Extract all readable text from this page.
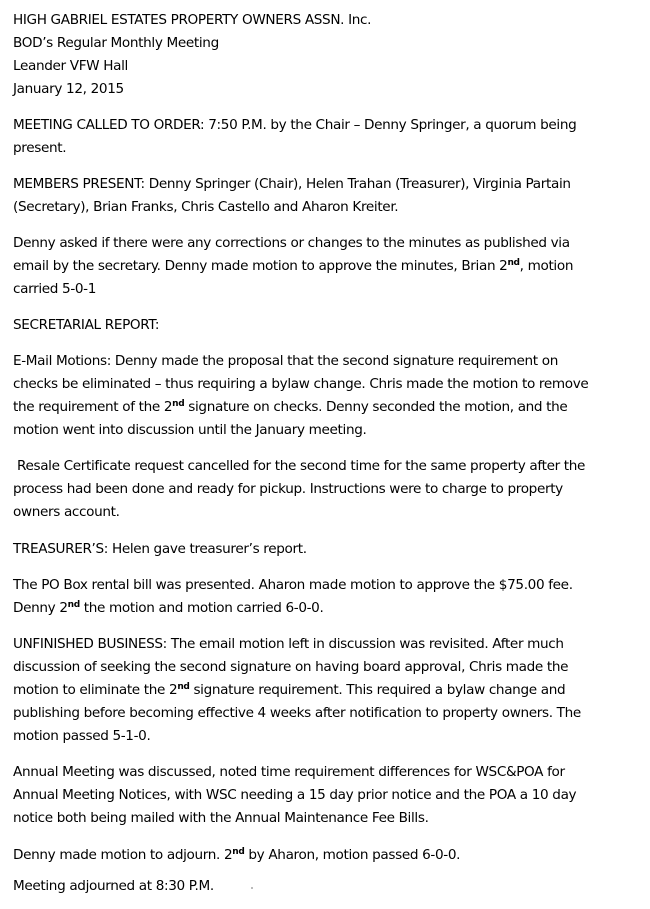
HIGH GABRIEL ESTATES PROPERTY OWNERS ASSN. Inc.
BOD’s Regular Monthly Meeting
Leander VFW Hall
January 12, 2015
MEETING CALLED TO ORDER: 7:50 P.M. by the Chair – Denny Springer, a quorum being
present.
MEMBERS PRESENT: Denny Springer (Chair), Helen Trahan (Treasurer), Virginia Partain
(Secretary), Brian Franks, Chris Castello and Aharon Kreiter.
Denny asked if there were any corrections or changes to the minutes as published via
email by the secretary. Denny made motion to approve the minutes, Brian 2nd, motion
carried 5-0-1
SECRETARIAL REPORT:
E-Mail Motions: Denny made the proposal that the second signature requirement on
checks be eliminated – thus requiring a bylaw change. Chris made the motion to remove
the requirement of the 2nd signature on checks. Denny seconded the motion, and the
motion went into discussion until the January meeting.
Resale Certificate request cancelled for the second time for the same property after the
process had been done and ready for pickup. Instructions were to charge to property
owners account.
TREASURER’S: Helen gave treasurer’s report.
The PO Box rental bill was presented. Aharon made motion to approve the $75.00 fee.
Denny 2nd the motion and motion carried 6-0-0.
UNFINISHED BUSINESS: The email motion left in discussion was revisited. After much
discussion of seeking the second signature on having board approval, Chris made the
motion to eliminate the 2nd signature requirement. This required a bylaw change and
publishing before becoming effective 4 weeks after notification to property owners. The
motion passed 5-1-0.
Annual Meeting was discussed, noted time requirement differences for WSC&POA for
Annual Meeting Notices, with WSC needing a 15 day prior notice and the POA a 10 day
notice both being mailed with the Annual Maintenance Fee Bills.
Denny made motion to adjourn. 2nd by Aharon, motion passed 6-0-0.
Meeting adjourned at 8:30 P.M.
